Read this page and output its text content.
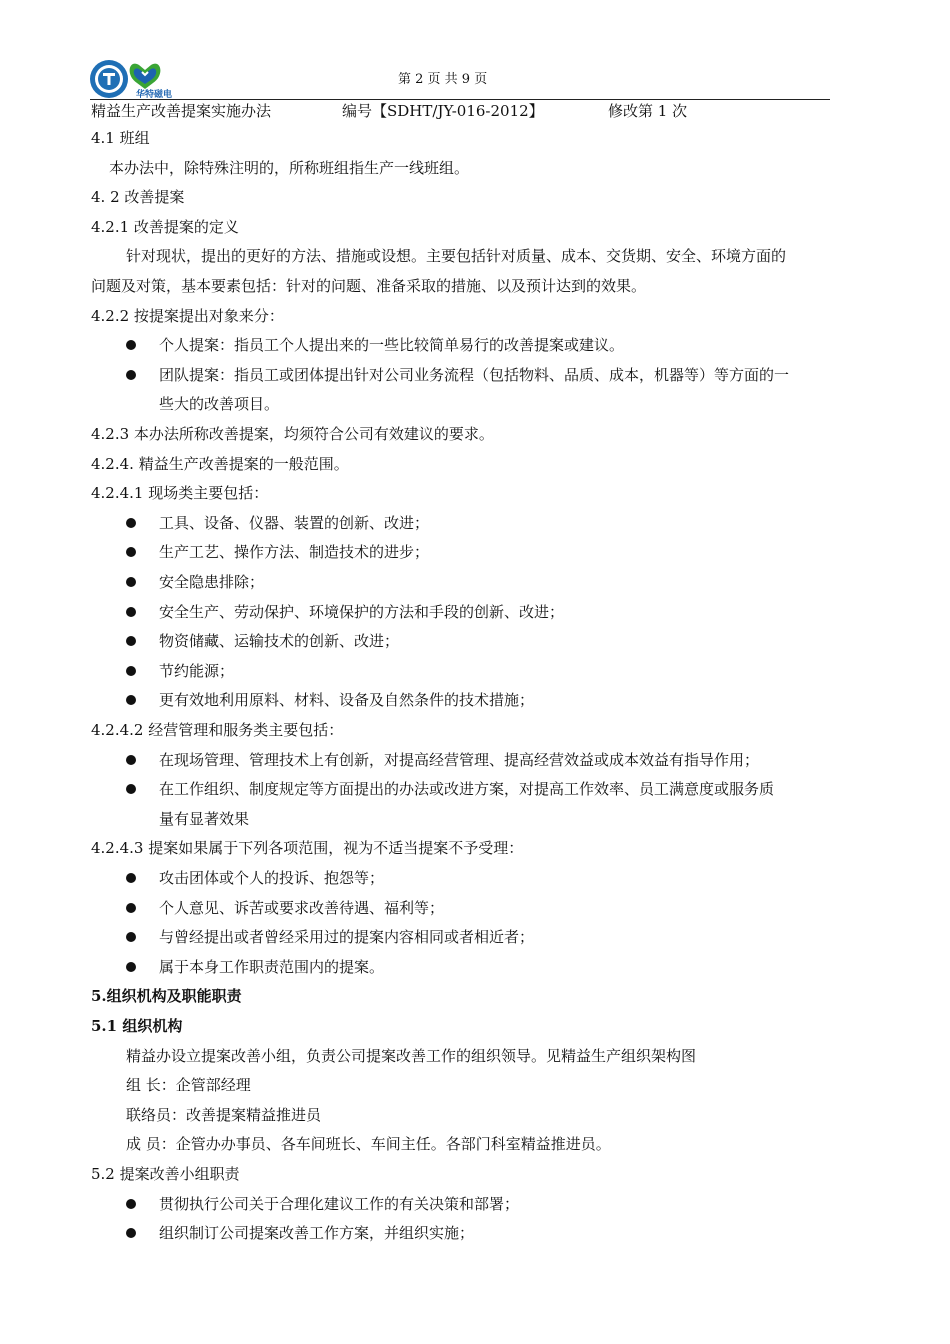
华特磁电
第 2 页 共 9 页
精益生产改善提案实施办法	编号【SDHT/JY-016-2012】	修改第 1 次
4.1 班组
本办法中，除特殊注明的，所称班组指生产一线班组。
4. 2 改善提案
4.2.1 改善提案的定义
针对现状，提出的更好的方法、措施或设想。主要包括针对质量、成本、交货期、安全、环境方面的
问题及对策，基本要素包括：针对的问题、准备采取的措施、以及预计达到的效果。
4.2.2 按提案提出对象来分：
个人提案：指员工个人提出来的一些比较简单易行的改善提案或建议。
团队提案：指员工或团体提出针对公司业务流程（包括物料、品质、成本，机器等）等方面的一
些大的改善项目。
4.2.3 本办法所称改善提案，均须符合公司有效建议的要求。
4.2.4. 精益生产改善提案的一般范围。
4.2.4.1 现场类主要包括：
工具、设备、仪器、装置的创新、改进；
生产工艺、操作方法、制造技术的进步；
安全隐患排除；
安全生产、劳动保护、环境保护的方法和手段的创新、改进；
物资储藏、运输技术的创新、改进；
节约能源；
更有效地利用原料、材料、设备及自然条件的技术措施；
4.2.4.2 经营管理和服务类主要包括：
在现场管理、管理技术上有创新，对提高经营管理、提高经营效益或成本效益有指导作用；
在工作组织、制度规定等方面提出的办法或改进方案，对提高工作效率、员工满意度或服务质
量有显著效果
4.2.4.3 提案如果属于下列各项范围，视为不适当提案不予受理：
攻击团体或个人的投诉、抱怨等；
个人意见、诉苦或要求改善待遇、福利等；
与曾经提出或者曾经采用过的提案内容相同或者相近者；
属于本身工作职责范围内的提案。
5.组织机构及职能职责
5.1 组织机构
精益办设立提案改善小组，负责公司提案改善工作的组织领导。见精益生产组织架构图
组 长：企管部经理
联络员：改善提案精益推进员
成 员：企管办办事员、各车间班长、车间主任。各部门科室精益推进员。
5.2 提案改善小组职责
贯彻执行公司关于合理化建议工作的有关决策和部署；
组织制订公司提案改善工作方案，并组织实施；
